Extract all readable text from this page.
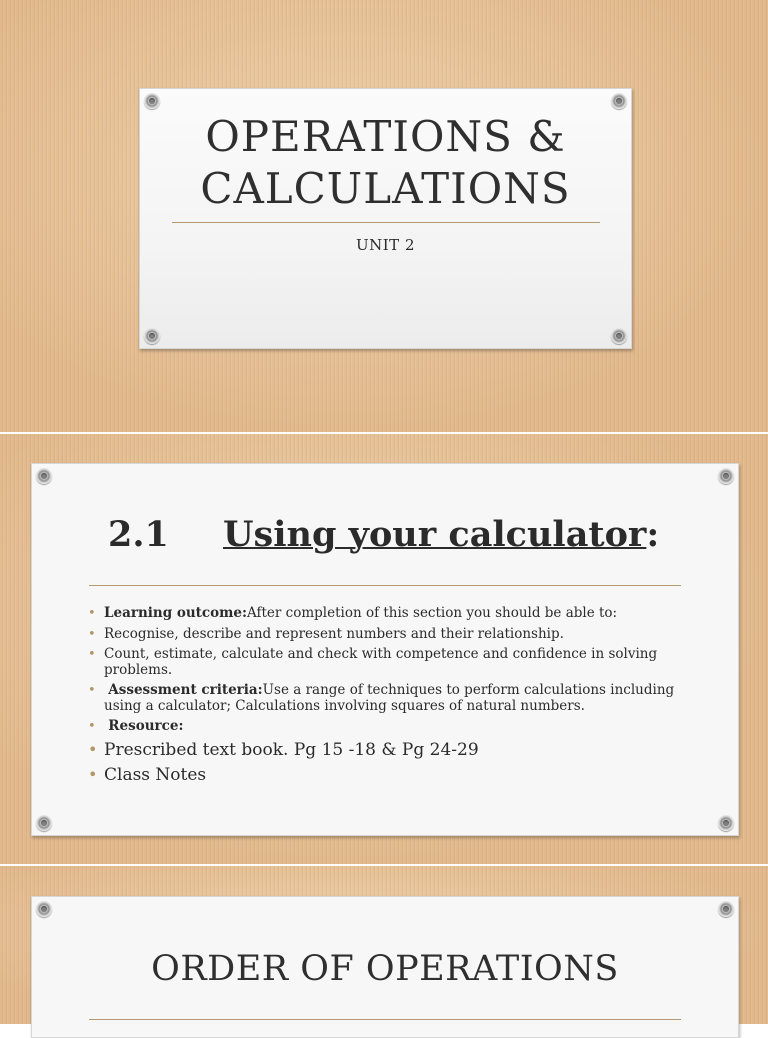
OPERATIONS &
CALCULATIONS
UNIT 2
2.1 Using your calculator:
• Learning outcome:After completion of this section you should be able to:
• Recognise, describe and represent numbers and their relationship.
• Count, estimate, calculate and check with competence and confidence in solving problems.
• Assessment criteria:Use a range of techniques to perform calculations including using a calculator; Calculations involving squares of natural numbers.
• Resource:
• Prescribed text book. Pg 15 -18 & Pg 24-29
• Class Notes
ORDER OF OPERATIONS
